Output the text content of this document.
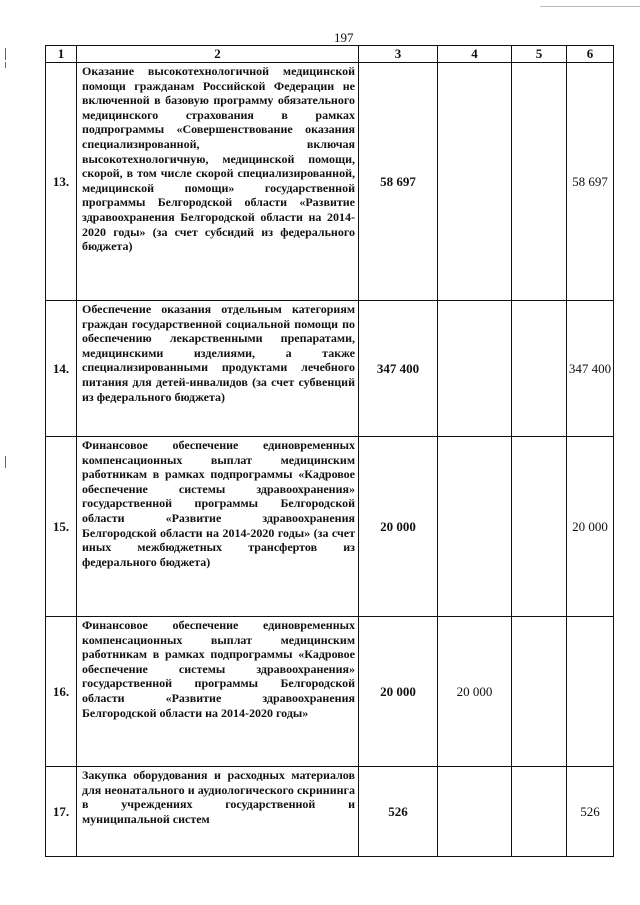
197
1	2	3	4	5	6
13.	Оказание высокотехнологичной медицинской помощи гражданам Российской Федерации не включенной в базовую программу обязательного медицинского страхования в рамках подпрограммы «Совершенствование оказания специализированной, включая высокотехнологичную, медицинской помощи, скорой, в том числе скорой специализированной, медицинской помощи» государственной программы Белгородской области «Развитие здравоохранения Белгородской области на 2014-2020 годы» (за счет субсидий из федерального бюджета)	58 697			58 697
14.	Обеспечение оказания отдельным категориям граждан государственной социальной помощи по обеспечению лекарственными препаратами, медицинскими изделиями, а также специализированными продуктами лечебного питания для детей-инвалидов (за счет субвенций из федерального бюджета)	347 400			347 400
15.	Финансовое обеспечение единовременных компенсационных выплат медицинским работникам в рамках подпрограммы «Кадровое обеспечение системы здравоохранения» государственной программы Белгородской области «Развитие здравоохранения Белгородской области на 2014-2020 годы» (за счет иных межбюджетных трансфертов из федерального бюджета)	20 000			20 000
16.	Финансовое обеспечение единовременных компенсационных выплат медицинским работникам в рамках подпрограммы «Кадровое обеспечение системы здравоохранения» государственной программы Белгородской области «Развитие здравоохранения Белгородской области на 2014-2020 годы»	20 000	20 000		
17.	Закупка оборудования и расходных материалов для неонатального и аудиологического скрининга в учреждениях государственной и муниципальной систем	526			526
